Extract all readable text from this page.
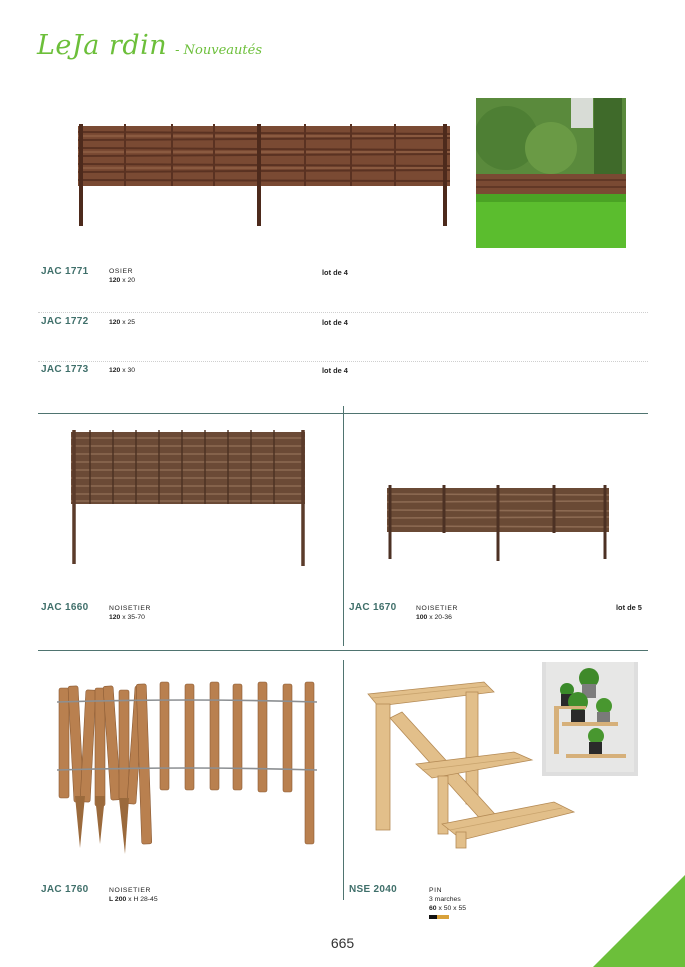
LeJa rdin - Nouveautés
JAC 1771	OSIER
120 x 20
lot de 4
JAC 1772	120 x 25	lot de 4
JAC 1773	120 x 30	lot de 4
JAC 1660	NOISETIER
120 x 35-70
JAC 1670	NOISETIER
100 x 20-36
lot de 5
JAC 1760	NOISETIER
L 200 x H 28-45
NSE 2040	PIN
3 marches
60 x 50 x 55
665
